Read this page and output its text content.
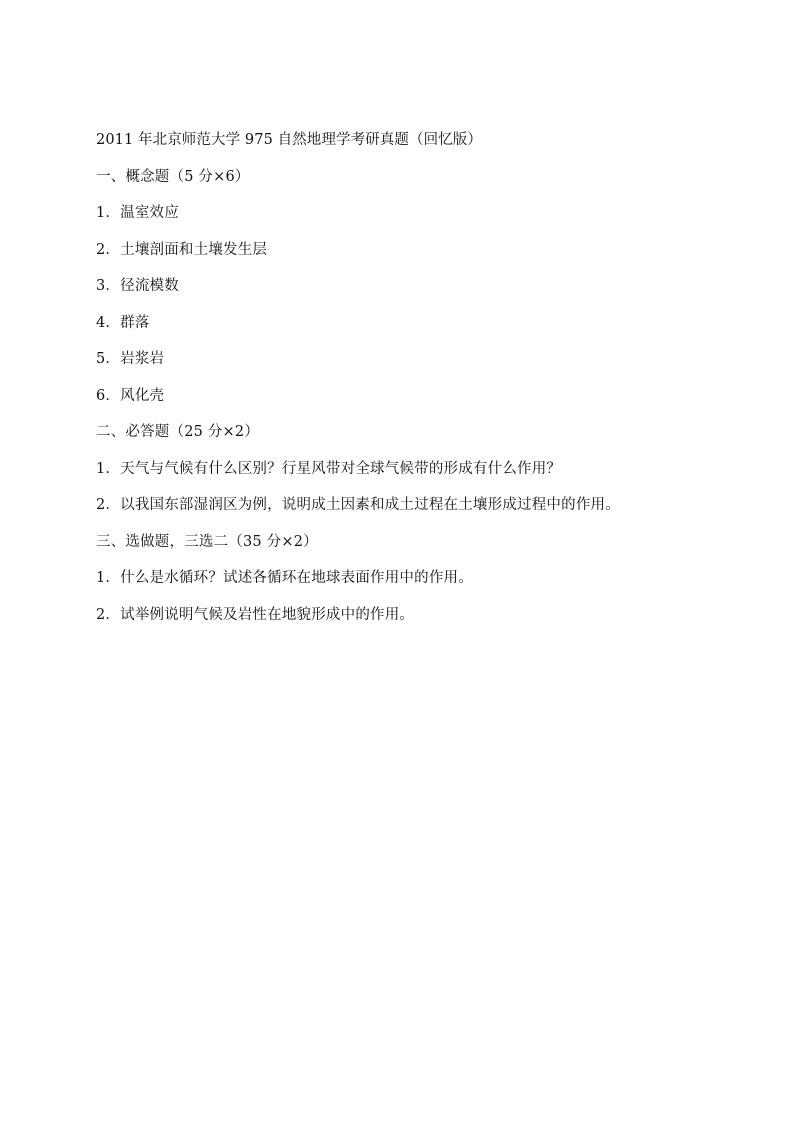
2011 年北京师范大学 975 自然地理学考研真题（回忆版）
一、概念题（5 分×6）
1．温室效应
2．土壤剖面和土壤发生层
3．径流模数
4．群落
5．岩浆岩
6．风化壳
二、必答题（25 分×2）
1．天气与气候有什么区别？行星风带对全球气候带的形成有什么作用？
2．以我国东部湿润区为例，说明成土因素和成土过程在土壤形成过程中的作用。
三、选做题，三选二（35 分×2）
1．什么是水循环？试述各循环在地球表面作用中的作用。
2．试举例说明气候及岩性在地貌形成中的作用。
